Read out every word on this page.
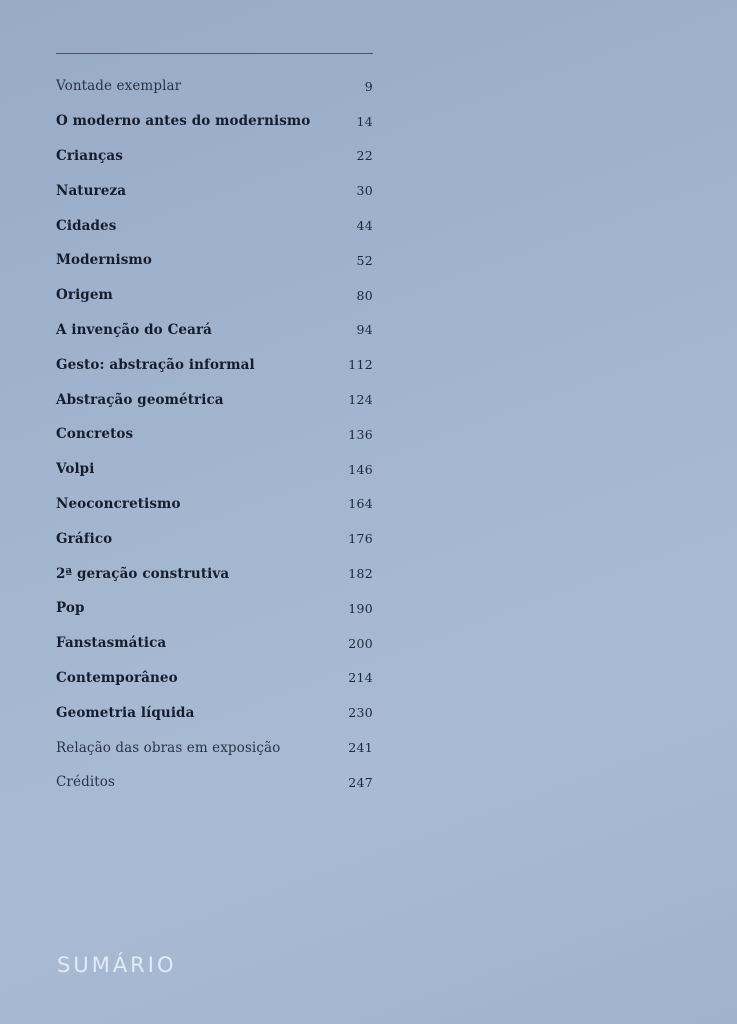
Vontade exemplar	9
O moderno antes do modernismo	14
Crianças	22
Natureza	30
Cidades	44
Modernismo	52
Origem	80
A invenção do Ceará	94
Gesto: abstração informal	112
Abstração geométrica	124
Concretos	136
Volpi	146
Neoconcretismo	164
Gráfico	176
2ª geração construtiva	182
Pop	190
Fanstasmática	200
Contemporâneo	214
Geometria líquida	230
Relação das obras em exposição	241
Créditos	247
SUMÁRIO
